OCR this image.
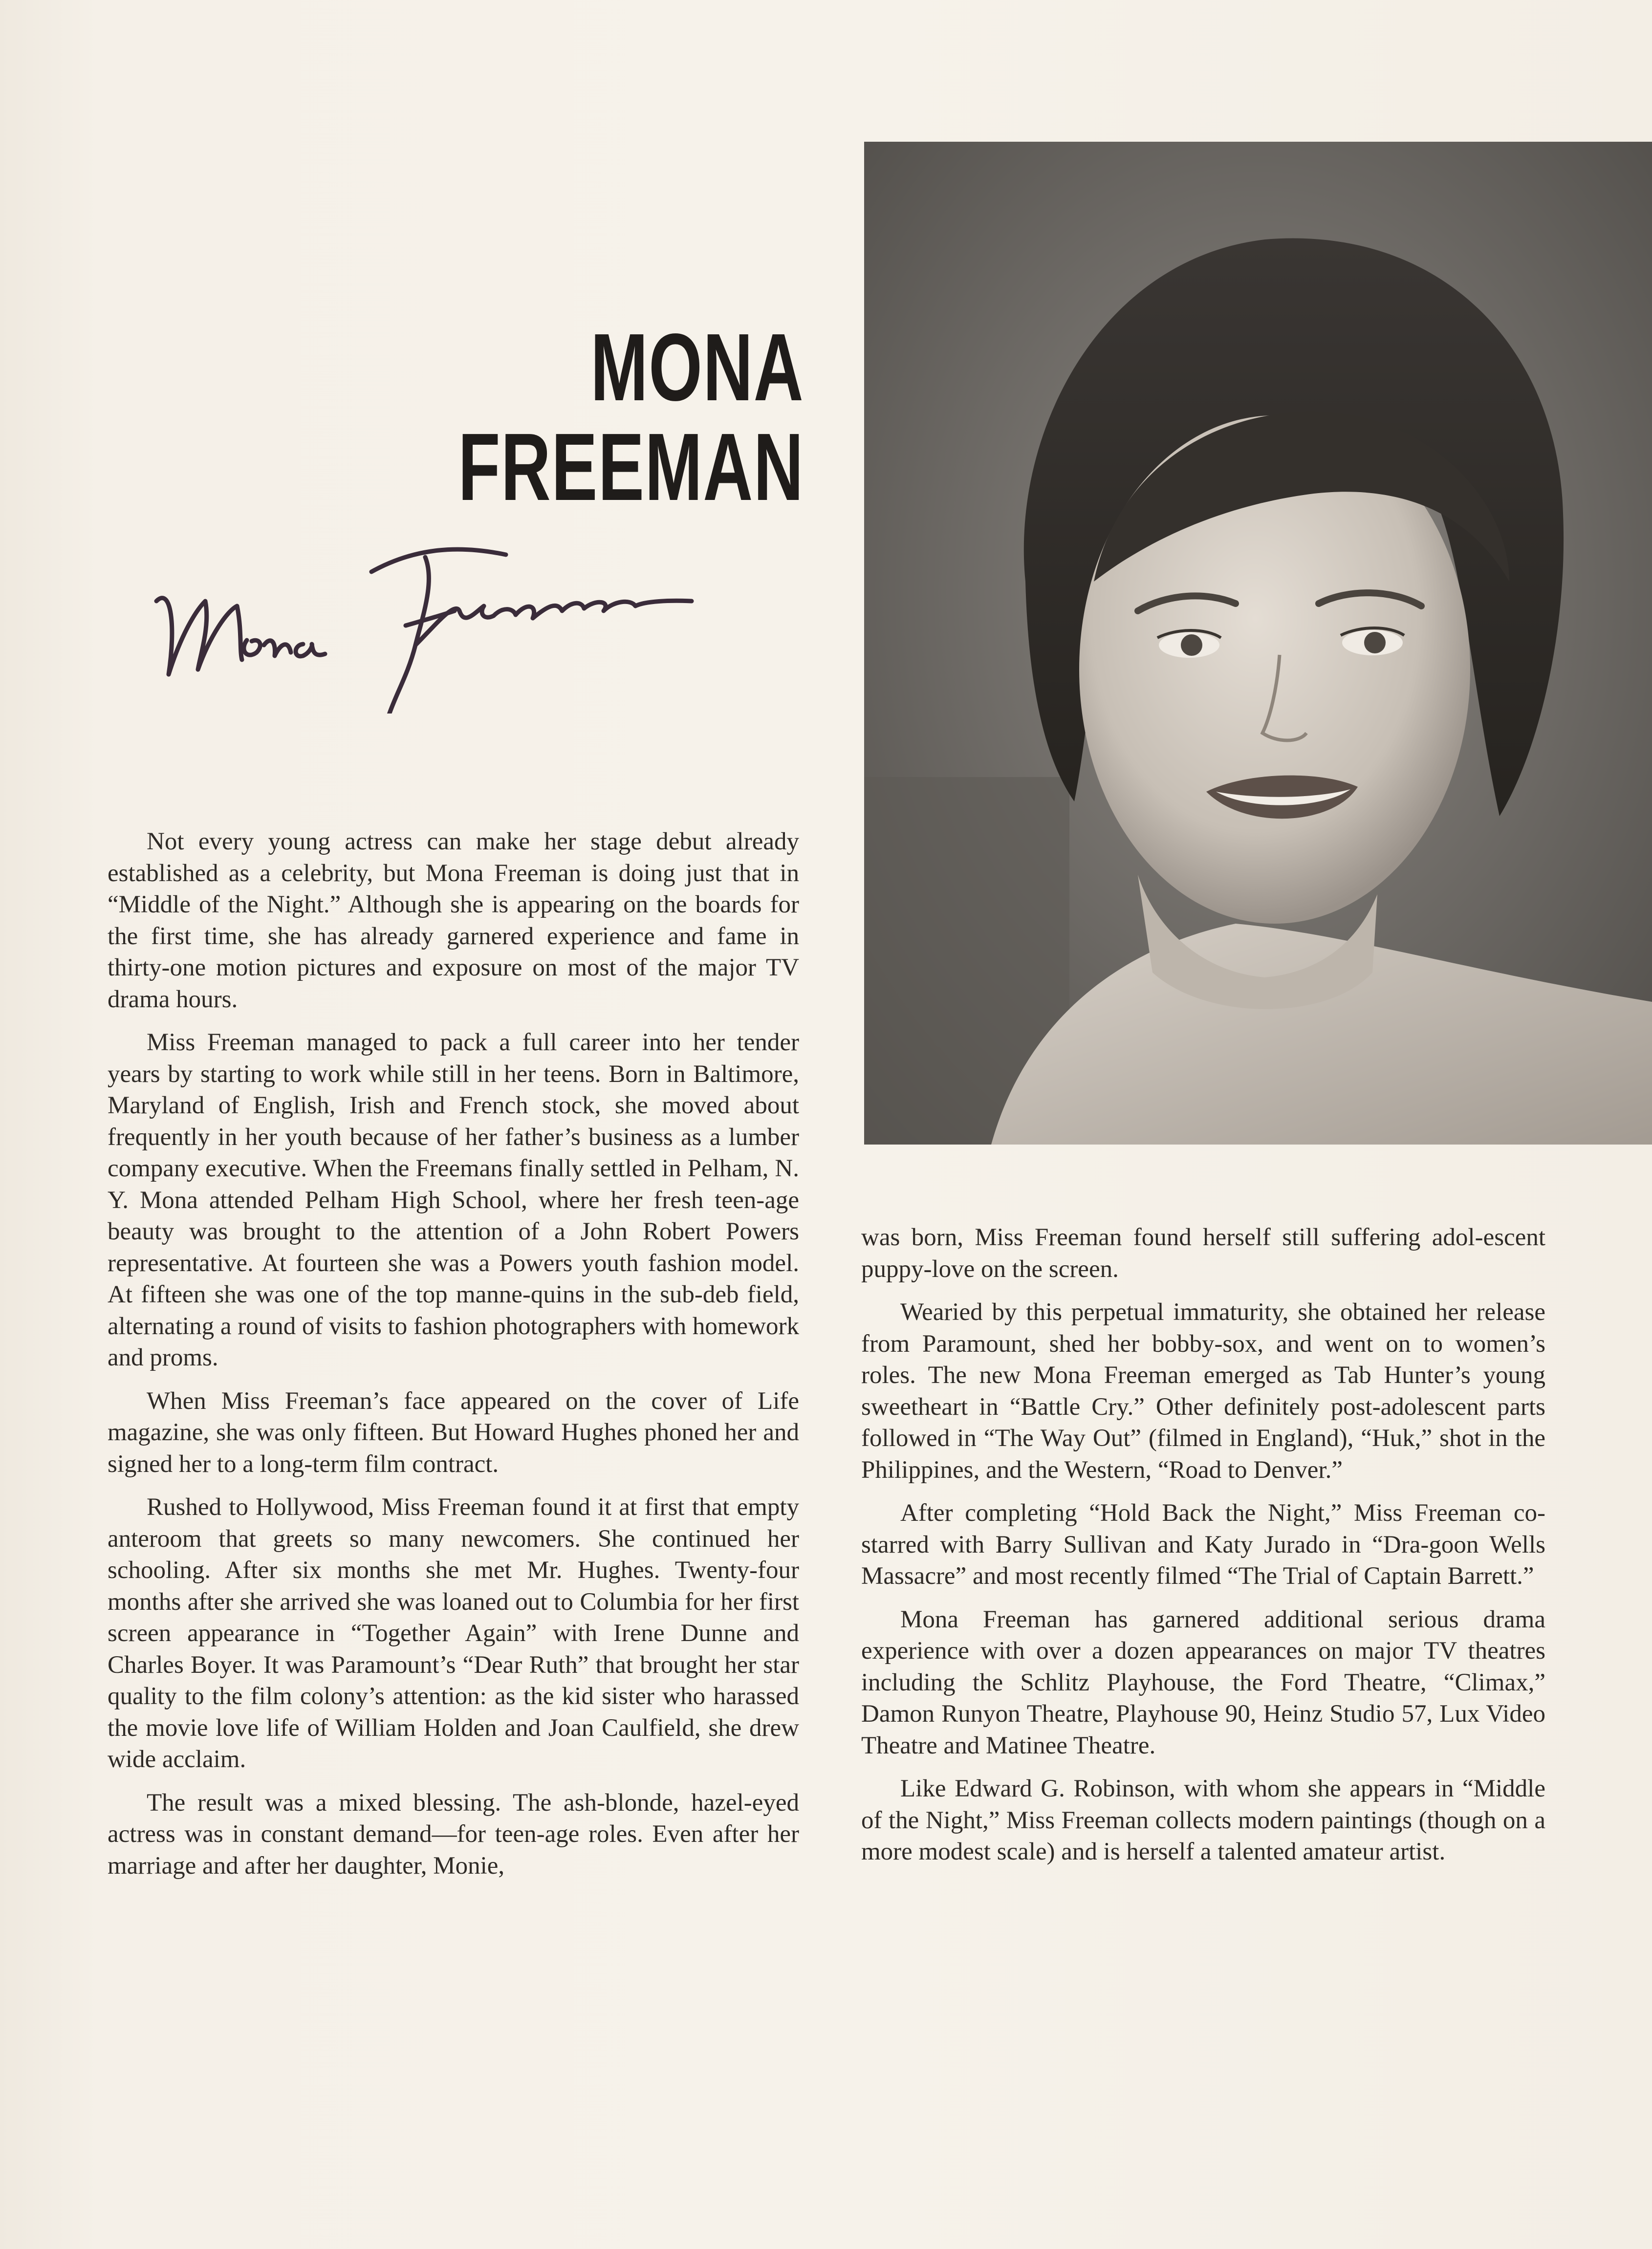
MONA
FREEMAN

Not every young actress can make her stage debut already established as a celebrity, but Mona Freeman is doing just that in “Middle of the Night.” Although she is appearing on the boards for the first time, she has already garnered experience and fame in thirty-one motion pictures and exposure on most of the major TV drama hours.

Miss Freeman managed to pack a full career into her tender years by starting to work while still in her teens. Born in Baltimore, Maryland of English, Irish and French stock, she moved about frequently in her youth because of her father’s business as a lumber company executive. When the Freemans finally settled in Pelham, N. Y. Mona attended Pelham High School, where her fresh teen-age beauty was brought to the attention of a John Robert Powers representative. At fourteen she was a Powers youth fashion model. At fifteen she was one of the top manne-quins in the sub-deb field, alternating a round of visits to fashion photographers with homework and proms.

When Miss Freeman’s face appeared on the cover of Life magazine, she was only fifteen. But Howard Hughes phoned her and signed her to a long-term film contract.

Rushed to Hollywood, Miss Freeman found it at first that empty anteroom that greets so many newcomers. She continued her schooling. After six months she met Mr. Hughes. Twenty-four months after she arrived she was loaned out to Columbia for her first screen appearance in “Together Again” with Irene Dunne and Charles Boyer. It was Paramount’s “Dear Ruth” that brought her star quality to the film colony’s attention: as the kid sister who harassed the movie love life of William Holden and Joan Caulfield, she drew wide acclaim.

The result was a mixed blessing. The ash-blonde, hazel-eyed actress was in constant demand—for teen-age roles. Even after her marriage and after her daughter, Monie,

was born, Miss Freeman found herself still suffering adol-escent puppy-love on the screen.

Wearied by this perpetual immaturity, she obtained her release from Paramount, shed her bobby-sox, and went on to women’s roles. The new Mona Freeman emerged as Tab Hunter’s young sweetheart in “Battle Cry.” Other definitely post-adolescent parts followed in “The Way Out” (filmed in England), “Huk,” shot in the Philippines, and the Western, “Road to Denver.”

After completing “Hold Back the Night,” Miss Freeman co-starred with Barry Sullivan and Katy Jurado in “Dra-goon Wells Massacre” and most recently filmed “The Trial of Captain Barrett.”

Mona Freeman has garnered additional serious drama experience with over a dozen appearances on major TV theatres including the Schlitz Playhouse, the Ford Theatre, “Climax,” Damon Runyon Theatre, Playhouse 90, Heinz Studio 57, Lux Video Theatre and Matinee Theatre.

Like Edward G. Robinson, with whom she appears in “Middle of the Night,” Miss Freeman collects modern paintings (though on a more modest scale) and is herself a talented amateur artist.
